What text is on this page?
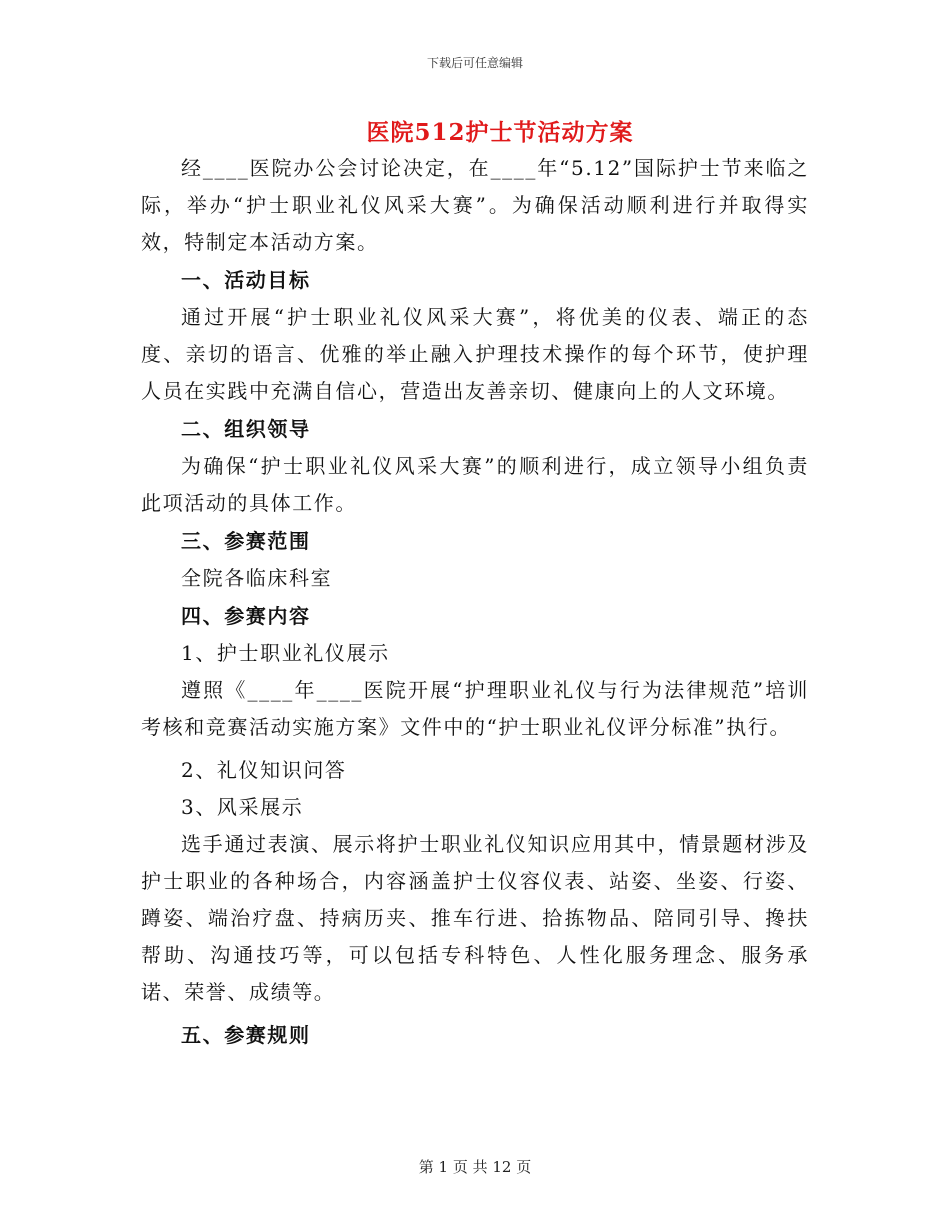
下载后可任意编辑
医院512护士节活动方案

经____医院办公会讨论决定，在____年“5.12”国际护士节来临之际，举办“护士职业礼仪风采大赛”。为确保活动顺利进行并取得实效，特制定本活动方案。

一、活动目标

通过开展“护士职业礼仪风采大赛”，将优美的仪表、端正的态度、亲切的语言、优雅的举止融入护理技术操作的每个环节，使护理人员在实践中充满自信心，营造出友善亲切、健康向上的人文环境。

二、组织领导

为确保“护士职业礼仪风采大赛”的顺利进行，成立领导小组负责此项活动的具体工作。

三、参赛范围

全院各临床科室

四、参赛内容

1、护士职业礼仪展示

遵照《____年____医院开展“护理职业礼仪与行为法律规范”培训考核和竞赛活动实施方案》文件中的“护士职业礼仪评分标准”执行。

2、礼仪知识问答

3、风采展示

选手通过表演、展示将护士职业礼仪知识应用其中，情景题材涉及护士职业的各种场合，内容涵盖护士仪容仪表、站姿、坐姿、行姿、蹲姿、端治疗盘、持病历夹、推车行进、拾拣物品、陪同引导、搀扶帮助、沟通技巧等，可以包括专科特色、人性化服务理念、服务承诺、荣誉、成绩等。

五、参赛规则

第 1 页 共 12 页
